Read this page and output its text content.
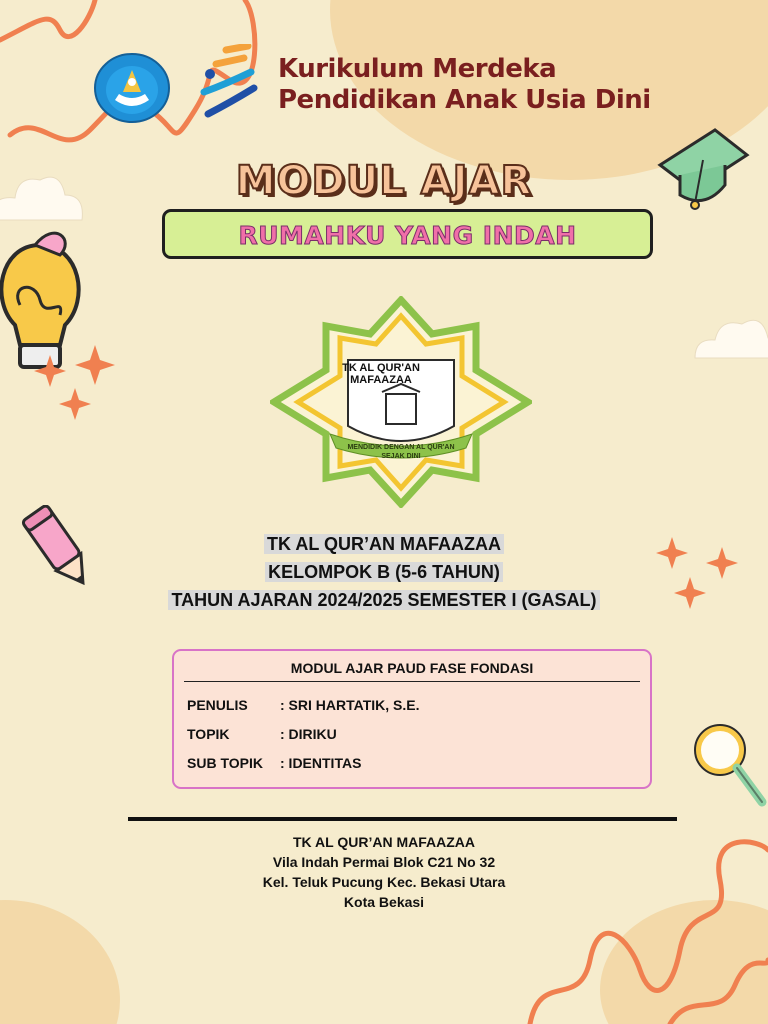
Kurikulum Merdeka
Pendidikan Anak Usia Dini
MODUL AJAR
RUMAHKU YANG INDAH
TK AL QUR'AN
MAFAAZAA
MENDIDIK DENGAN AL QUR'AN
SEJAK DINI
TK AL QUR’AN MAFAAZAA
KELOMPOK B (5-6 TAHUN)
TAHUN AJARAN 2024/2025 SEMESTER I (GASAL)
MODUL AJAR PAUD FASE FONDASI
PENULIS : SRI HARTATIK, S.E.
TOPIK	: DIRIKU
SUB TOPIK : IDENTITAS
TK AL QUR’AN MAFAAZAA
Vila Indah Permai Blok C21 No 32
Kel. Teluk Pucung Kec. Bekasi Utara
Kota Bekasi
